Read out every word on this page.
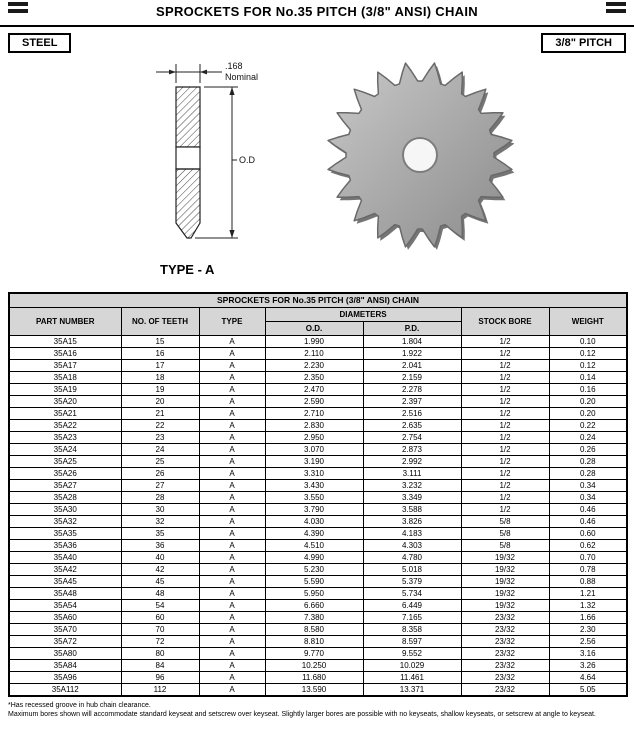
SPROCKETS FOR No.35 PITCH (3/8" ANSI) CHAIN
STEEL	3/8" PITCH
.168
Nominal
O.D
TYPE - A
SPROCKETS FOR No.35 PITCH (3/8" ANSI) CHAIN						
PART NUMBER	NO. OF TEETH	TYPE	DIAMETERS		STOCK BORE	WEIGHT
			O.D.	P.D.		
35A15	15	A	1.990	1.804	1/2	0.10
35A16	16	A	2.110	1.922	1/2	0.12
35A17	17	A	2.230	2.041	1/2	0.12
35A18	18	A	2.350	2.159	1/2	0.14
35A19	19	A	2.470	2.278	1/2	0.16
35A20	20	A	2.590	2.397	1/2	0.20
35A21	21	A	2.710	2.516	1/2	0.20
35A22	22	A	2.830	2.635	1/2	0.22
35A23	23	A	2.950	2.754	1/2	0.24
35A24	24	A	3.070	2.873	1/2	0.26
35A25	25	A	3.190	2.992	1/2	0.28
35A26	26	A	3.310	3.111	1/2	0.28
35A27	27	A	3.430	3.232	1/2	0.34
35A28	28	A	3.550	3.349	1/2	0.34
35A30	30	A	3.790	3.588	1/2	0.46
35A32	32	A	4.030	3.826	5/8	0.46
35A35	35	A	4.390	4.183	5/8	0.60
35A36	36	A	4.510	4.303	5/8	0.62
35A40	40	A	4.990	4.780	19/32	0.70
35A42	42	A	5.230	5.018	19/32	0.78
35A45	45	A	5.590	5.379	19/32	0.88
35A48	48	A	5.950	5.734	19/32	1.21
35A54	54	A	6.660	6.449	19/32	1.32
35A60	60	A	7.380	7.165	23/32	1.66
35A70	70	A	8.580	8.358	23/32	2.30
35A72	72	A	8.810	8.597	23/32	2.56
35A80	80	A	9.770	9.552	23/32	3.16
35A84	84	A	10.250	10.029	23/32	3.26
35A96	96	A	11.680	11.461	23/32	4.64
35A112	112	A	13.590	13.371	23/32	5.05
*Has recessed groove in hub chain clearance.
Maximum bores shown will accommodate standard keyseat and setscrew over keyseat. Slightly larger bores are possible with no keyseats, shallow keyseats, or setscrew at angle to keyseat.
